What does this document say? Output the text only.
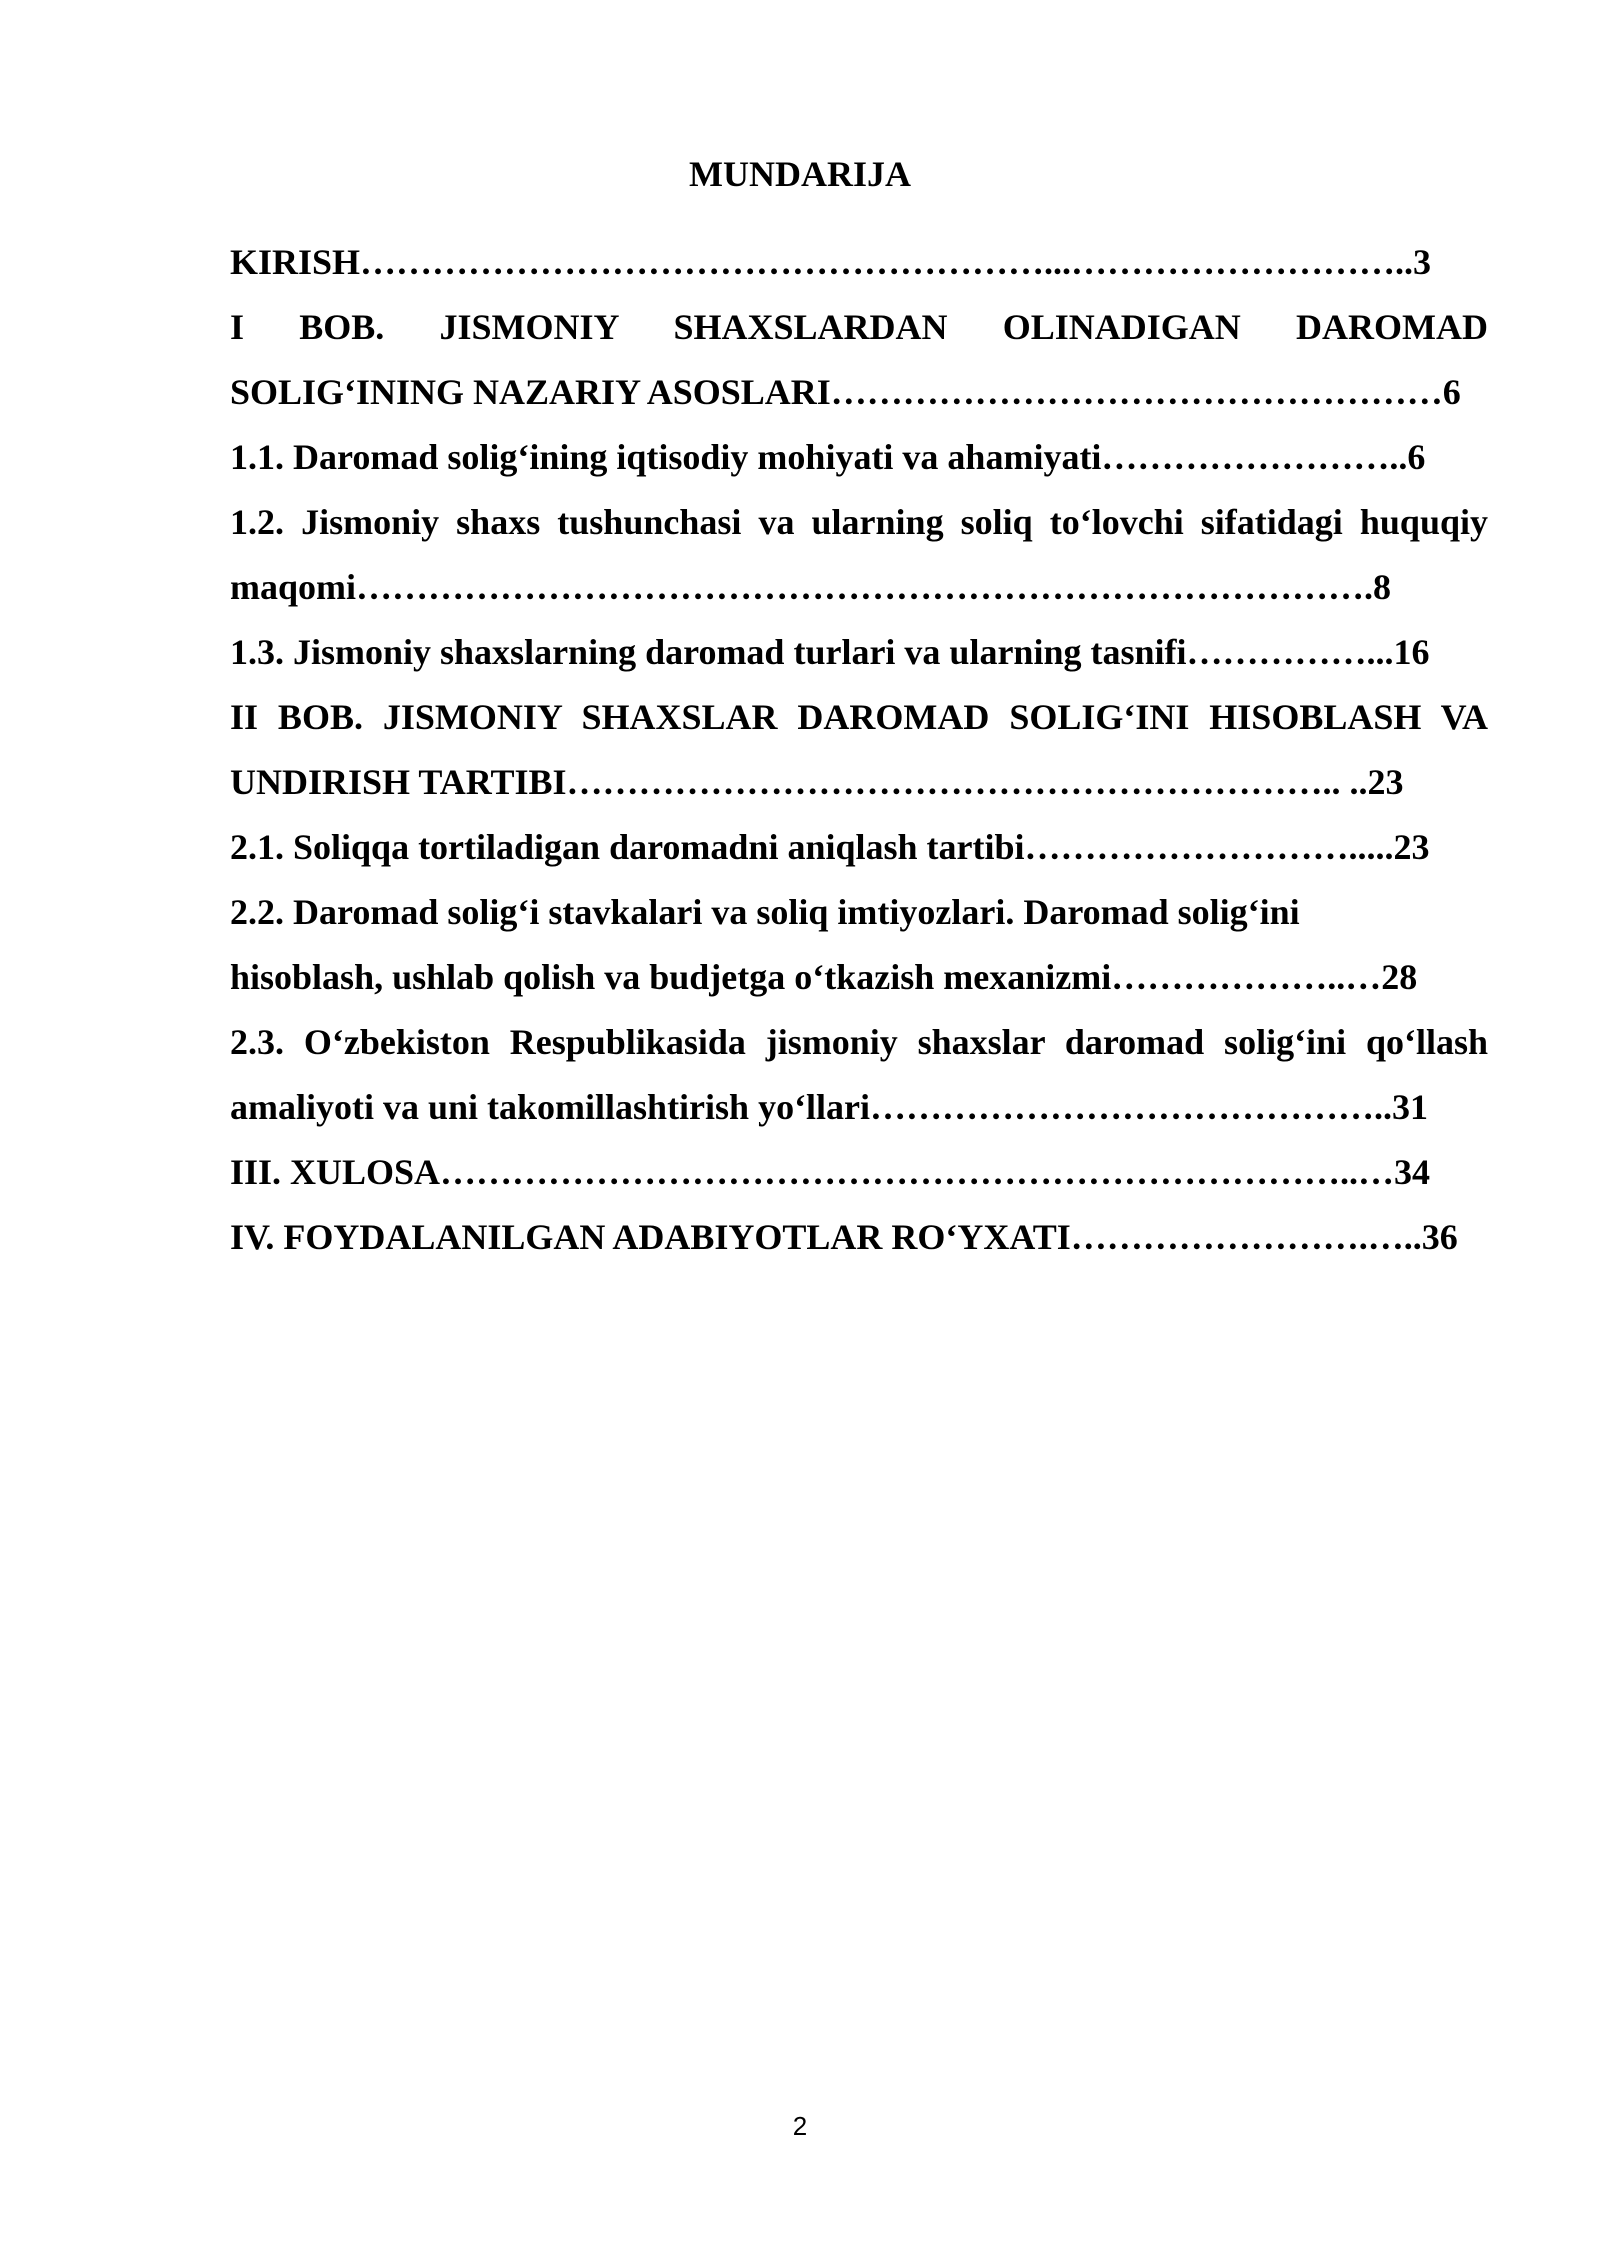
MUNDARIJA
KIRISH…………………………………………………...………………………..3
I BOB. JISMONIY SHAXSLARDAN OLINADIGAN DAROMAD
SOLIG‘INING NAZARIY ASOSLARI……………………………………………6
1.1. Daromad solig‘ining iqtisodiy mohiyati va ahamiyati……………………..6
1.2. Jismoniy shaxs tushunchasi va ularning soliq to‘lovchi sifatidagi huquqiy
maqomi………………………………………………………………………….8
1.3. Jismoniy shaxslarning daromad turlari va ularning tasnifi……………...16
II BOB. JISMONIY SHAXSLAR DAROMAD SOLIG‘INI HISOBLASH VA
UNDIRISH TARTIBI……………………………………………………….. ..23
2.1. Soliqqa tortiladigan daromadni aniqlash tartibi……………………….....23
2.2. Daromad solig‘i stavkalari va soliq imtiyozlari. Daromad solig‘ini
hisoblash, ushlab qolish va budjetga o‘tkazish mexanizmi………………..…28
2.3. O‘zbekiston Respublikasida jismoniy shaxslar daromad solig‘ini qo‘llash
amaliyoti va uni takomillashtirish yo‘llari……………………………………..31
III. XULOSA…………………………………………………………………..…34
IV. FOYDALANILGAN ADABIYOTLAR RO‘YXATI…………………….…..36
2
